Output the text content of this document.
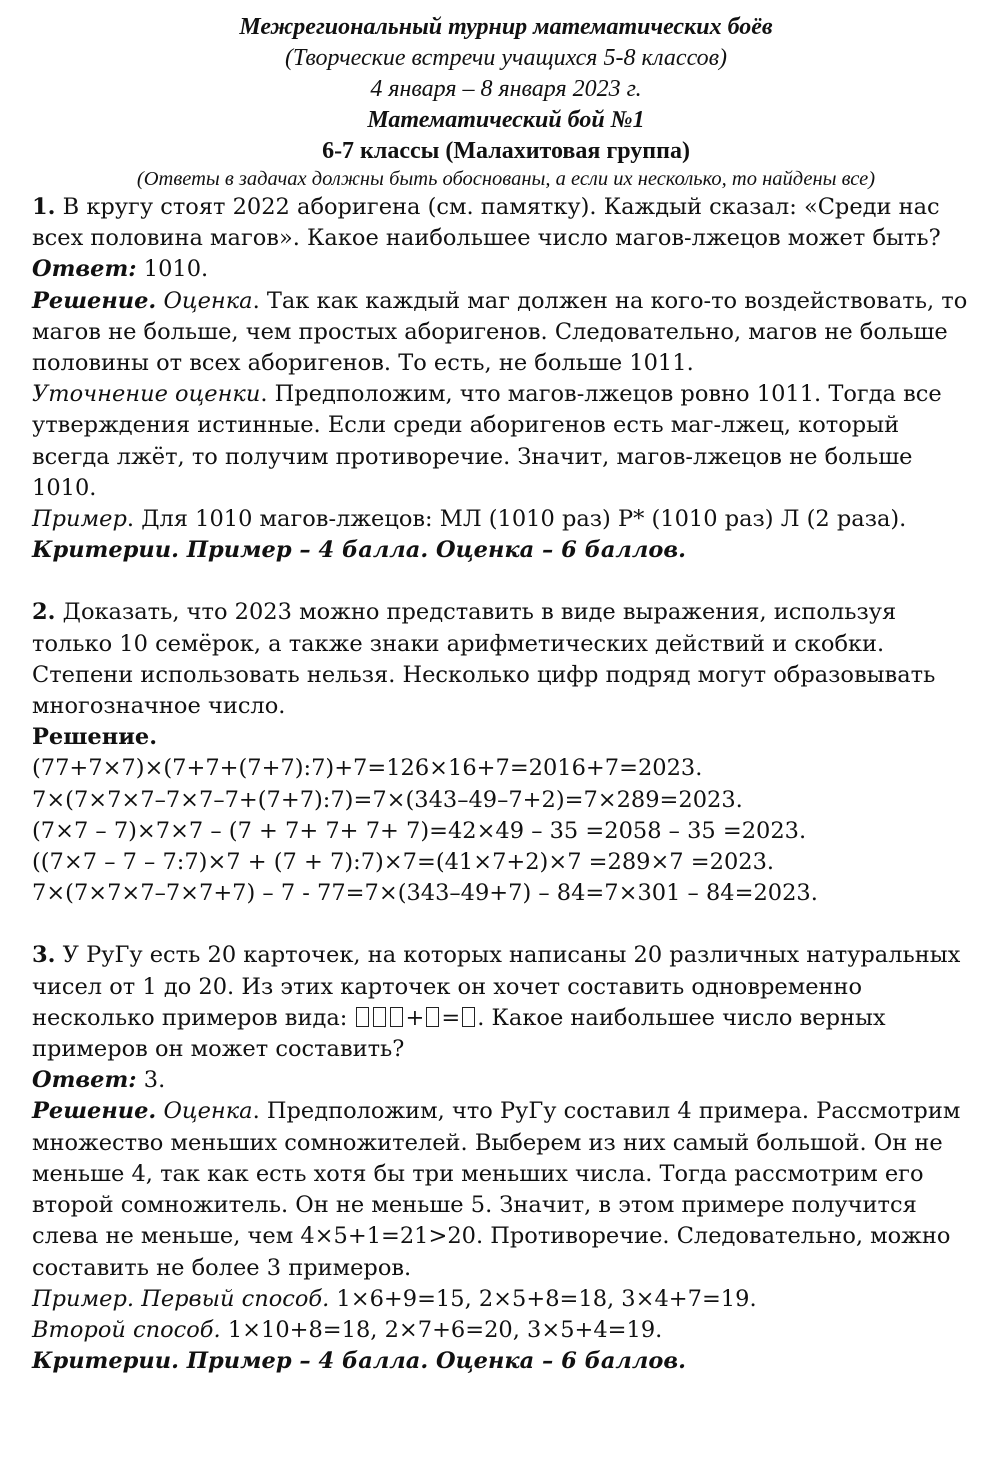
Межрегиональный турнир математических боёв
(Творческие встречи учащихся 5-8 классов)
4 января – 8 января 2023 г.
Математический бой №1
6-7 классы (Малахитовая группа)
(Ответы в задачах должны быть обоснованы, а если их несколько, то найдены все)

1. В кругу стоят 2022 аборигена (см. памятку). Каждый сказал: «Среди нас всех половина магов». Какое наибольшее число магов-лжецов может быть?

Ответ: 1010.

Решение. Оценка. Так как каждый маг должен на кого-то воздействовать, то магов не больше, чем простых аборигенов. Следовательно, магов не больше половины от всех аборигенов. То есть, не больше 1011.

Уточнение оценки. Предположим, что магов-лжецов ровно 1011. Тогда все утверждения истинные. Если среди аборигенов есть маг-лжец, который всегда лжёт, то получим противоречие. Значит, магов-лжецов не больше 1010.

Пример. Для 1010 магов-лжецов: МЛ (1010 раз) Р* (1010 раз) Л (2 раза).

Критерии. Пример – 4 балла. Оценка – 6 баллов.

2. Доказать, что 2023 можно представить в виде выражения, используя только 10 семёрок, а также знаки арифметических действий и скобки. Степени использовать нельзя. Несколько цифр подряд могут образовывать многозначное число.

Решение.

(77+7×7)×(7+7+(7+7):7)+7=126×16+7=2016+7=2023.

7×(7×7×7–7×7–7+(7+7):7)=7×(343–49–7+2)=7×289=2023.

(7×7 – 7)×7×7 – (7 + 7+ 7+ 7+ 7)=42×49 – 35 =2058 – 35 =2023.

((7×7 – 7 – 7:7)×7 + (7 + 7):7)×7=(41×7+2)×7 =289×7 =2023.

7×(7×7×7–7×7+7) – 7 - 77=7×(343–49+7) – 84=7×301 – 84=2023.

3. У РуГу есть 20 карточек, на которых написаны 20 различных натуральных чисел от 1 до 20. Из этих карточек он хочет составить одновременно несколько примеров вида: + = . Какое наибольшее число верных примеров он может составить?

Ответ: 3.

Решение. Оценка. Предположим, что РуГу составил 4 примера. Рассмотрим множество меньших сомножителей. Выберем из них самый большой. Он не меньше 4, так как есть хотя бы три меньших числа. Тогда рассмотрим его второй сомножитель. Он не меньше 5. Значит, в этом примере получится слева не меньше, чем 4×5+1=21>20. Противоречие. Следовательно, можно составить не более 3 примеров.

Пример. Первый способ. 1×6+9=15, 2×5+8=18, 3×4+7=19.

Второй способ. 1×10+8=18, 2×7+6=20, 3×5+4=19.

Критерии. Пример – 4 балла. Оценка – 6 баллов.
